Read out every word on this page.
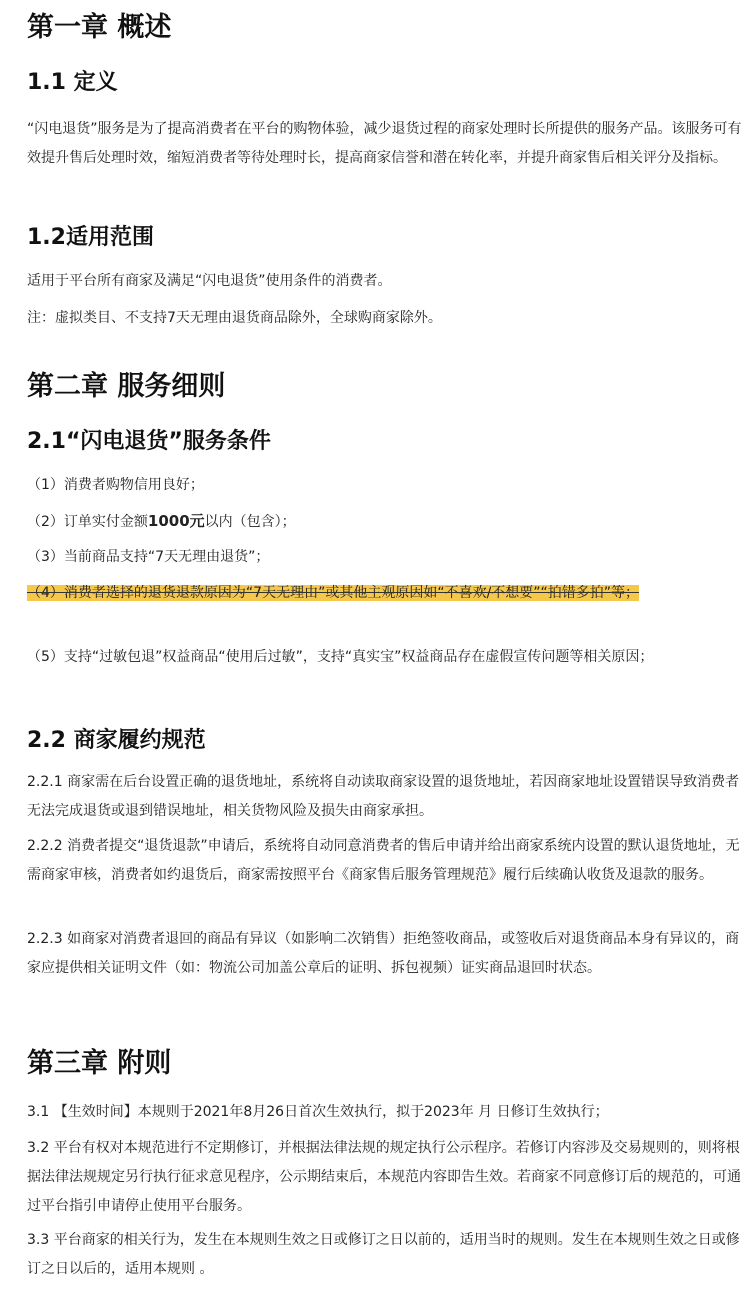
第一章 概述
1.1 定义

“闪电退货”服务是为了提高消费者在平台的购物体验，减少退货过程的商家处理时长所提供的服务产品。该服务可有效提升售后处理时效，缩短消费者等待处理时长，提高商家信誉和潜在转化率，并提升商家售后相关评分及指标。

1.2适用范围

适用于平台所有商家及满足“闪电退货”使用条件的消费者。

注：虚拟类目、不支持7天无理由退货商品除外，全球购商家除外。

第二章 服务细则
2.1“闪电退货”服务条件

（1）消费者购物信用良好；

（2）订单实付金额1000元以内（包含）；

（3）当前商品支持“7天无理由退货”；

（4）消费者选择的退货退款原因为“7天无理由”或其他主观原因如“不喜欢/不想要”“拍错多拍”等；

（5）支持“过敏包退”权益商品“使用后过敏”，支持“真实宝”权益商品存在虚假宣传问题等相关原因；

2.2 商家履约规范

2.2.1 商家需在后台设置正确的退货地址，系统将自动读取商家设置的退货地址，若因商家地址设置错误导致消费者无法完成退货或退到错误地址，相关货物风险及损失由商家承担。

2.2.2 消费者提交“退货退款”申请后，系统将自动同意消费者的售后申请并给出商家系统内设置的默认退货地址，无需商家审核，消费者如约退货后，商家需按照平台《商家售后服务管理规范》履行后续确认收货及退款的服务。

2.2.3 如商家对消费者退回的商品有异议（如影响二次销售）拒绝签收商品，或签收后对退货商品本身有异议的，商家应提供相关证明文件（如：物流公司加盖公章后的证明、拆包视频）证实商品退回时状态。

第三章 附则

3.1 【生效时间】本规则于2021年8月26日首次生效执行，拟于2023年 月 日修订生效执行；

3.2 平台有权对本规范进行不定期修订，并根据法律法规的规定执行公示程序。若修订内容涉及交易规则的，则将根据法律法规规定另行执行征求意见程序，公示期结束后，本规范内容即告生效。若商家不同意修订后的规范的，可通过平台指引申请停止使用平台服务。

3.3 平台商家的相关行为，发生在本规则生效之日或修订之日以前的，适用当时的规则。发生在本规则生效之日或修订之日以后的，适用本规则 。
